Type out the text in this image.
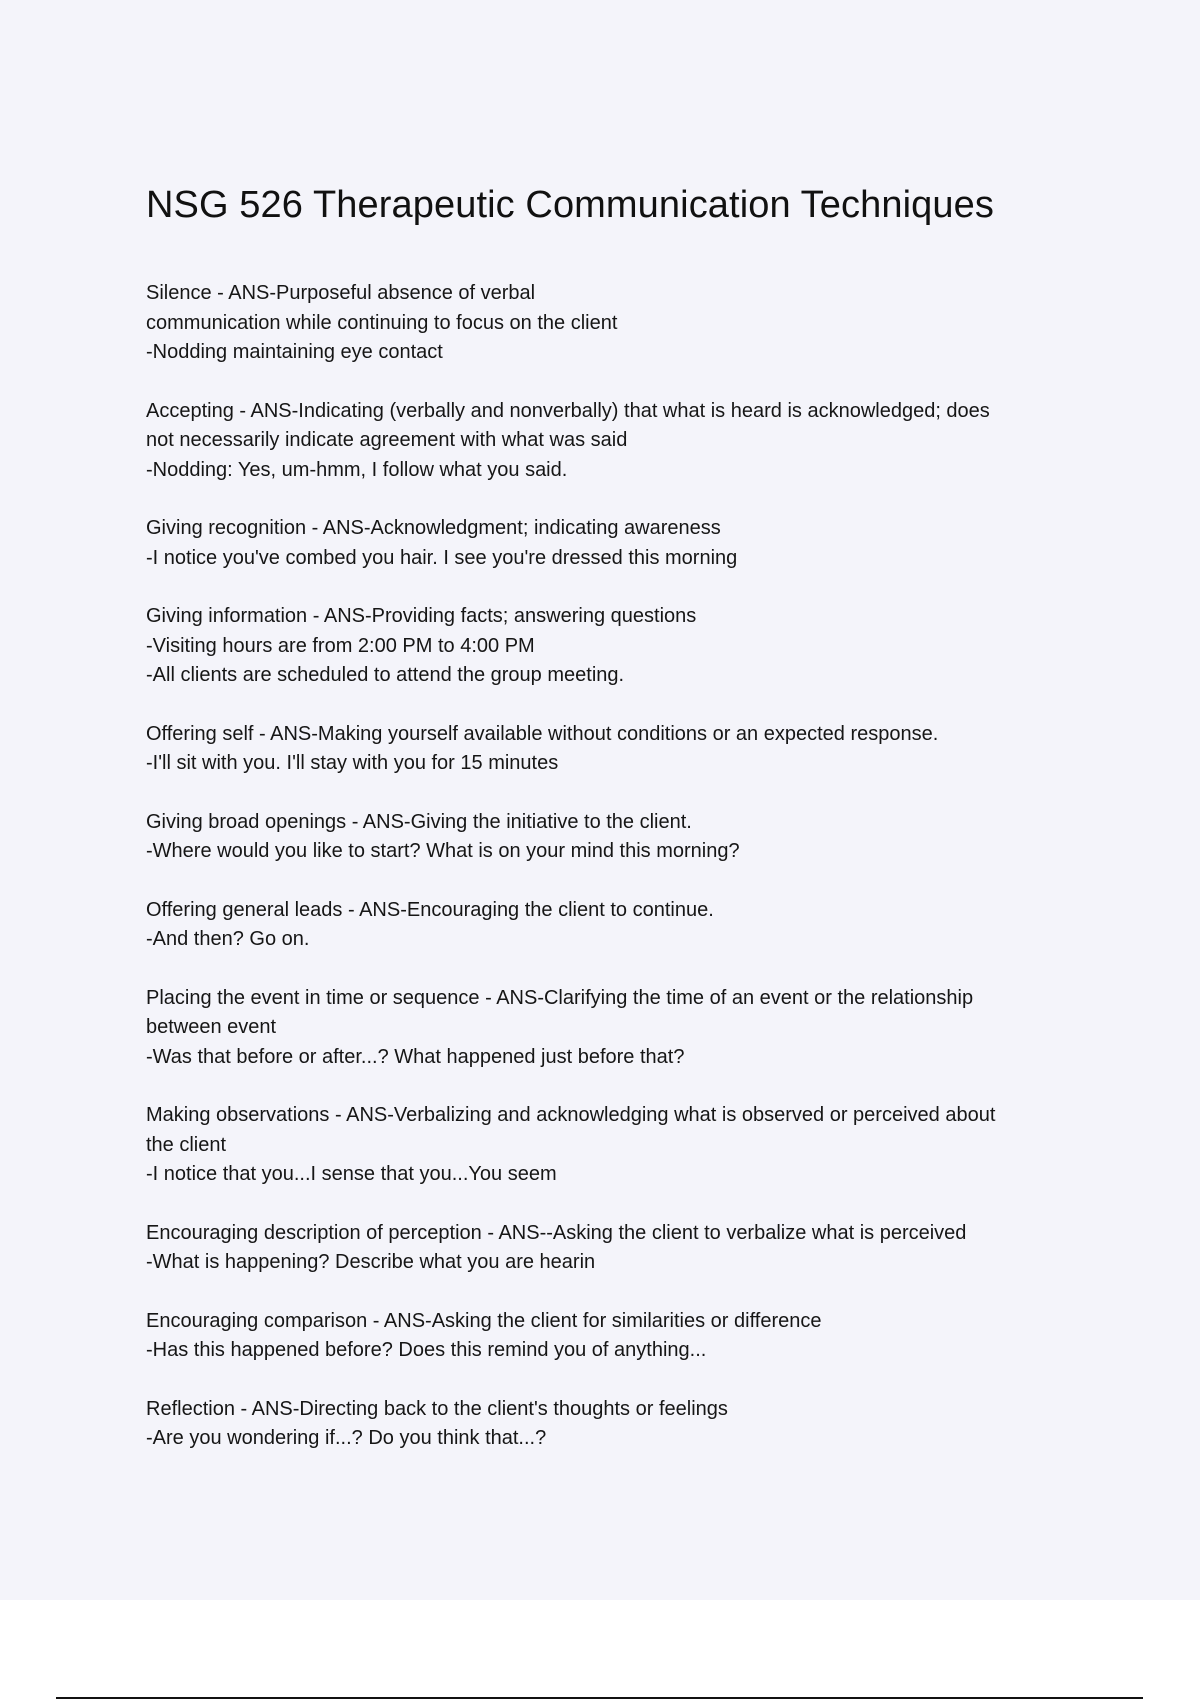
NSG 526 Therapeutic Communication Techniques
Silence - ANS-Purposeful absence of verbal
communication while continuing to focus on the client
-Nodding maintaining eye contact
Accepting - ANS-Indicating (verbally and nonverbally) that what is heard is acknowledged; does
not necessarily indicate agreement with what was said
-Nodding: Yes, um-hmm, I follow what you said.
Giving recognition - ANS-Acknowledgment; indicating awareness
-I notice you've combed you hair. I see you're dressed this morning
Giving information - ANS-Providing facts; answering questions
-Visiting hours are from 2:00 PM to 4:00 PM
-All clients are scheduled to attend the group meeting.
Offering self - ANS-Making yourself available without conditions or an expected response.
-I'll sit with you. I'll stay with you for 15 minutes
Giving broad openings - ANS-Giving the initiative to the client.
-Where would you like to start? What is on your mind this morning?
Offering general leads - ANS-Encouraging the client to continue.
-And then? Go on.
Placing the event in time or sequence - ANS-Clarifying the time of an event or the relationship
between event
-Was that before or after...? What happened just before that?
Making observations - ANS-Verbalizing and acknowledging what is observed or perceived about
the client
-I notice that you...I sense that you...You seem
Encouraging description of perception - ANS--Asking the client to verbalize what is perceived
-What is happening? Describe what you are hearin
Encouraging comparison - ANS-Asking the client for similarities or difference
-Has this happened before? Does this remind you of anything...
Reflection - ANS-Directing back to the client's thoughts or feelings
-Are you wondering if...? Do you think that...?
